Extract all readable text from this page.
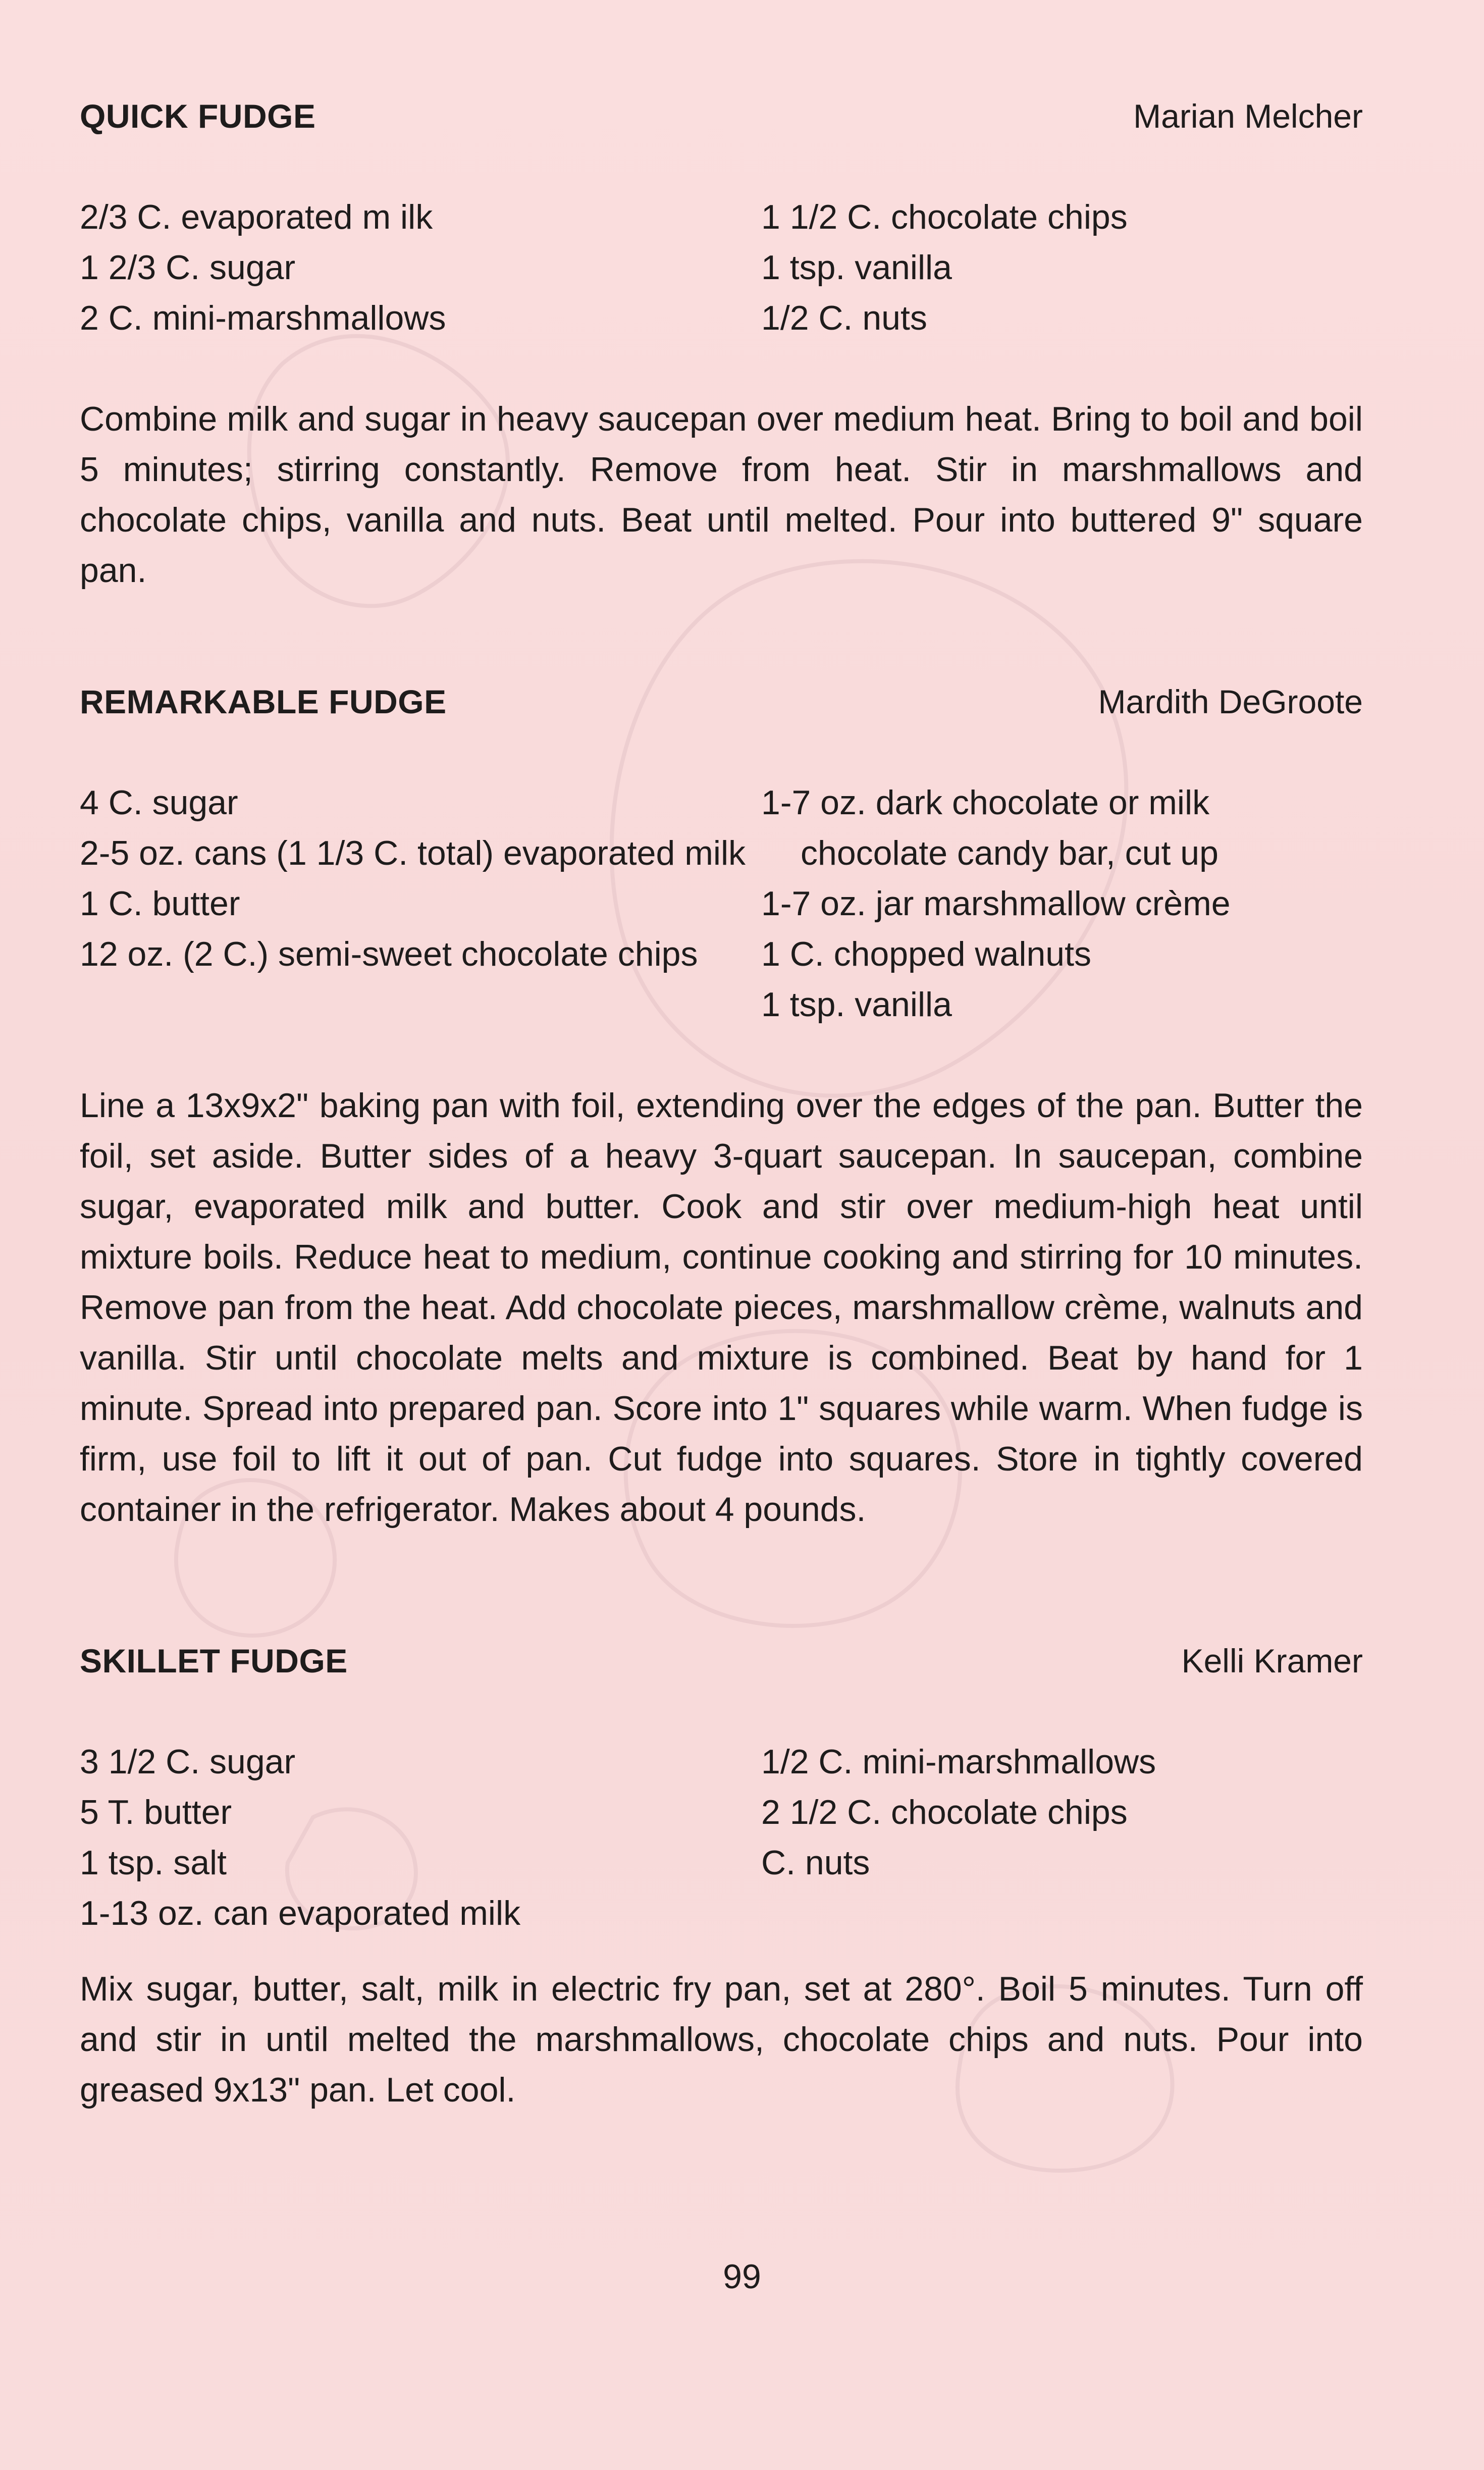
QUICK FUDGE	Marian Melcher
2/3 C. evaporated m ilk
1 2/3 C. sugar
2 C. mini-marshmallows
1 1/2 C. chocolate chips
1 tsp. vanilla
1/2 C. nuts

Combine milk and sugar in heavy saucepan over medium heat. Bring to boil and boil 5 minutes; stirring constantly. Remove from heat. Stir in marshmallows and chocolate chips, vanilla and nuts. Beat until melted. Pour into buttered 9" square pan.

REMARKABLE FUDGE	Mardith DeGroote
4 C. sugar
2-5 oz. cans (1 1/3 C. total) evaporated milk
1 C. butter
12 oz. (2 C.) semi-sweet chocolate chips
1-7 oz. dark chocolate or milk chocolate candy bar, cut up
1-7 oz. jar marshmallow crème
1 C. chopped walnuts
1 tsp. vanilla

Line a 13x9x2" baking pan with foil, extending over the edges of the pan. Butter the foil, set aside. Butter sides of a heavy 3-quart saucepan. In saucepan, combine sugar, evaporated milk and butter. Cook and stir over medium-high heat until mixture boils. Reduce heat to medium, continue cooking and stirring for 10 minutes. Remove pan from the heat. Add chocolate pieces, marshmallow crème, walnuts and vanilla. Stir until chocolate melts and mixture is combined. Beat by hand for 1 minute. Spread into prepared pan. Score into 1" squares while warm. When fudge is firm, use foil to lift it out of pan. Cut fudge into squares. Store in tightly covered container in the refrigerator. Makes about 4 pounds.

SKILLET FUDGE	Kelli Kramer
3 1/2 C. sugar
5 T. butter
1 tsp. salt
1-13 oz. can evaporated milk
1/2 C. mini-marshmallows
2 1/2 C. chocolate chips
C. nuts

Mix sugar, butter, salt, milk in electric fry pan, set at 280°. Boil 5 minutes. Turn off and stir in until melted the marshmallows, chocolate chips and nuts. Pour into greased 9x13" pan. Let cool.

99
